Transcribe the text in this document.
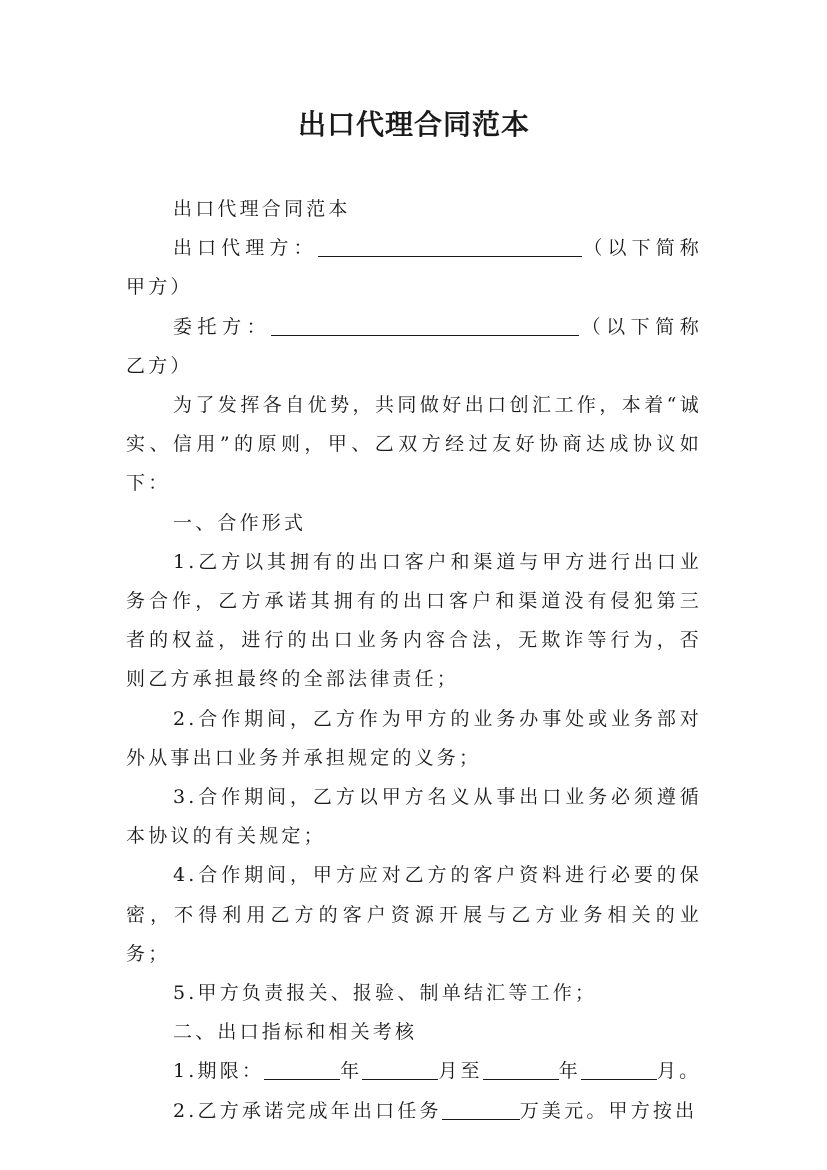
出口代理合同范本

出口代理合同范本

出口代理方：	（以下简称甲方）

委托方：	（以下简称乙方）

为了发挥各自优势，共同做好出口创汇工作，本着“诚实、信用”的原则，甲、乙双方经过友好协商达成协议如下：

一、合作形式

1.乙方以其拥有的出口客户和渠道与甲方进行出口业务合作，乙方承诺其拥有的出口客户和渠道没有侵犯第三者的权益，进行的出口业务内容合法，无欺诈等行为，否则乙方承担最终的全部法律责任；

2.合作期间，乙方作为甲方的业务办事处或业务部对外从事出口业务并承担规定的义务；

3.合作期间，乙方以甲方名义从事出口业务必须遵循本协议的有关规定；

4.合作期间，甲方应对乙方的客户资料进行必要的保密，不得利用乙方的客户资源开展与乙方业务相关的业务；

5.甲方负责报关、报验、制单结汇等工作；

二、出口指标和相关考核

1.期限：	年	月至	年	月。

2.乙方承诺完成年出口任务	万美元。甲方按出
